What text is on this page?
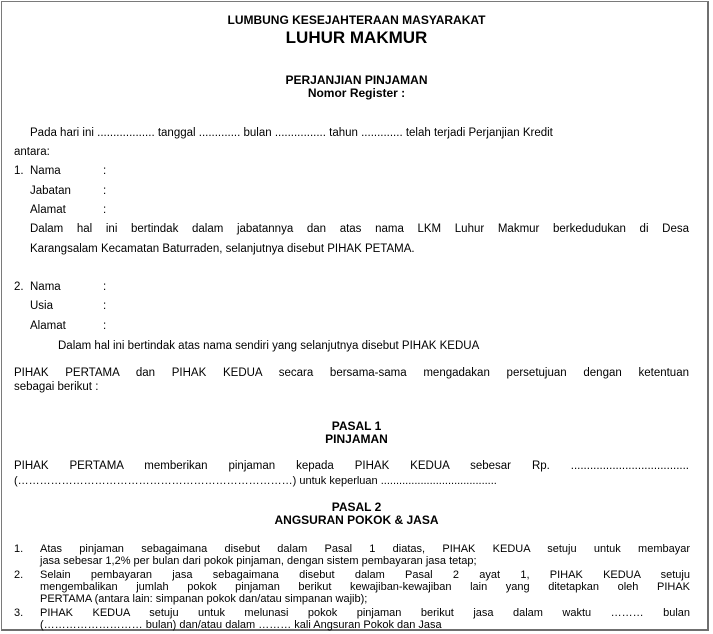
LUMBUNG KESEJAHTERAAN MASYARAKAT
LUHUR MAKMUR
PERJANJIAN PINJAMAN
Nomor Register :
Pada hari ini .................. tanggal ............. bulan ................ tahun ............. telah terjadi Perjanjian Kredit
antara:
1. Nama	:
Jabatan	:
Alamat	:
Dalam hal ini bertindak dalam jabatannya dan atas nama LKM Luhur Makmur berkedudukan di Desa
Karangsalam Kecamatan Baturraden, selanjutnya disebut PIHAK PETAMA.
2. Nama	:
Usia	:
Alamat	:
Dalam hal ini bertindak atas nama sendiri yang selanjutnya disebut PIHAK KEDUA
PIHAK PERTAMA dan PIHAK KEDUA secara bersama-sama mengadakan persetujuan dengan ketentuan
sebagai berikut :
PASAL 1
PINJAMAN
PIHAK PERTAMA memberikan pinjaman kepada PIHAK KEDUA sebesar Rp. .....................................
(…………………………………………………………………) untuk keperluan ......................................
PASAL 2
ANGSURAN POKOK & JASA
1. Atas pinjaman sebagaimana disebut dalam Pasal 1 diatas, PIHAK KEDUA setuju untuk membayar
jasa sebesar 1,2% per bulan dari pokok pinjaman, dengan sistem pembayaran jasa tetap;
2. Selain pembayaran jasa sebagaimana disebut dalam Pasal 2 ayat 1, PIHAK KEDUA setuju
mengembalikan jumlah pokok pinjaman berikut kewajiban-kewajiban lain yang ditetapkan oleh PIHAK
PERTAMA (antara lain: simpanan pokok dan/atau simpanan wajib);
3. PIHAK KEDUA setuju untuk melunasi pokok pinjaman berikut jasa dalam waktu ……… bulan
(……………………… bulan) dan/atau dalam ……… kali Angsuran Pokok dan Jasa
